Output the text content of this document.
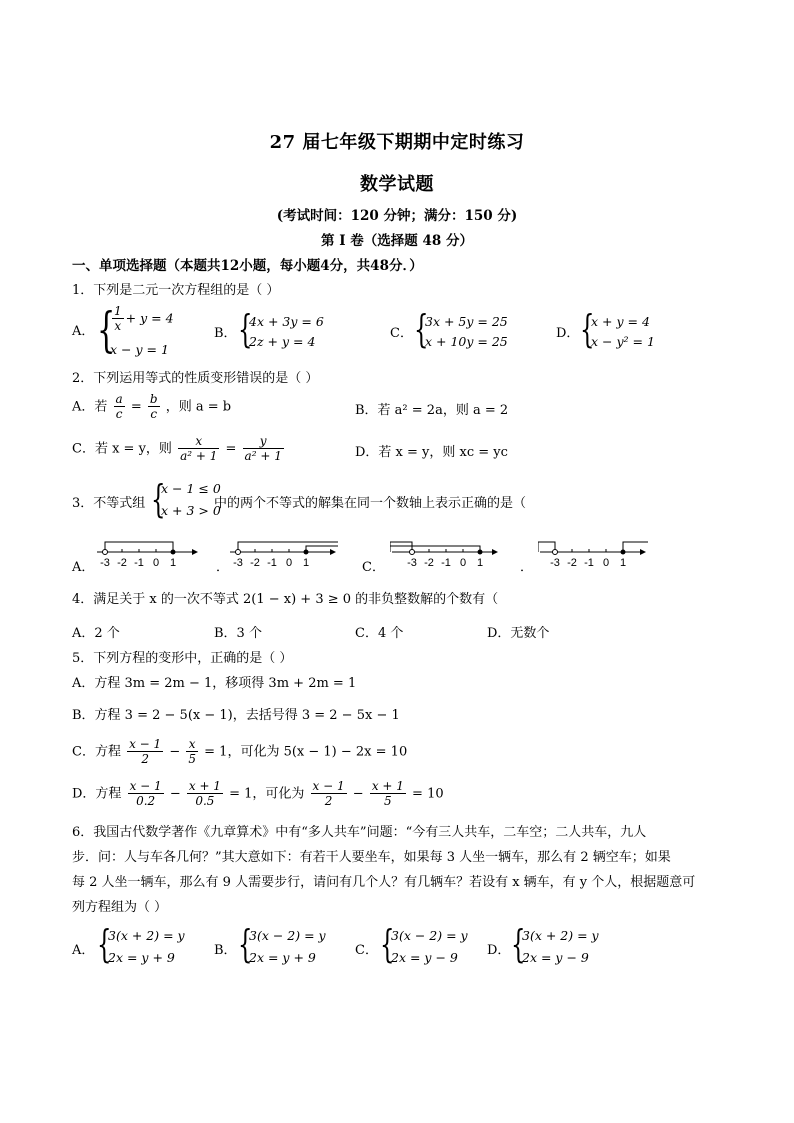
27 届七年级下期期中定时练习
数学试题
(考试时间：120 分钟；满分：150 分)
第 I 卷（选择题 48 分）
一、单项选择题（本题共12小题，每小题4分，共48分．）
1．下列是二元一次方程组的是（ ）
A． {
$\frac{1}{x} + y = 4$
x − y = 1
B． {
4x + 3y = 6
2z + y = 4
C． {
3x + 5y = 25
x + 10y = 25
D． {
x + y = 4
x − y² = 1
2．下列运用等式的性质变形错误的是（ ）
A．若 $\frac{a}{c} = \frac{b}{c}$ ，则 a = b	B．若 a² = 2a，则 a = 2
C．若 x = y，则 $\frac{x}{\text{a² + 1}} = \frac{y}{\text{a² + 1}}$	D．若 x = y，则 xc = yc
3．不等式组 {
x − 1 ≤ 0
x + 3 > 0
中的两个不等式的解集在同一个数轴上表示正确的是（
A．	．	C．	．
-3 -2 -1 0 1	-3 -2 -1 0 1	-3 -2 -1 0 1	-3 -2 -1 0 1
4．满足关于 x 的一次不等式 2(1 − x) + 3 ≥ 0 的非负整数解的个数有（
A．2 个	B．3 个	C．4 个	D．无数个
5．下列方程的变形中，正确的是（ ）
A．方程 3m = 2m − 1，移项得 3m + 2m = 1
B．方程 3 = 2 − 5(x − 1)，去括号得 3 = 2 − 5x − 1
C．方程 $\frac{x - 1}{2} - \frac{x}{5} = 1$，可化为 5(x − 1) − 2x = 10
D．方程 $\frac{x - 1}{0.2} - \frac{x + 1}{0.5} = 1$，可化为 $\frac{x - 1}{2} - \frac{x + 1}{5} = 10$
6．我国古代数学著作《九章算术》中有“多人共车”问题：“今有三人共车，二车空；二人共车，九人
步．问：人与车各几何？”其大意如下：有若干人要坐车，如果每 3 人坐一辆车，那么有 2 辆空车；如果
每 2 人坐一辆车，那么有 9 人需要步行，请问有几个人？有几辆车？若设有 x 辆车，有 y 个人，根据题意可
列方程组为（ ）
A． {
3(x + 2) = y
2x = y + 9	B． {
3(x − 2) = y
2x = y + 9	C． {
3(x − 2) = y
2x = y − 9 D． {
3(x + 2) = y
2x = y − 9
